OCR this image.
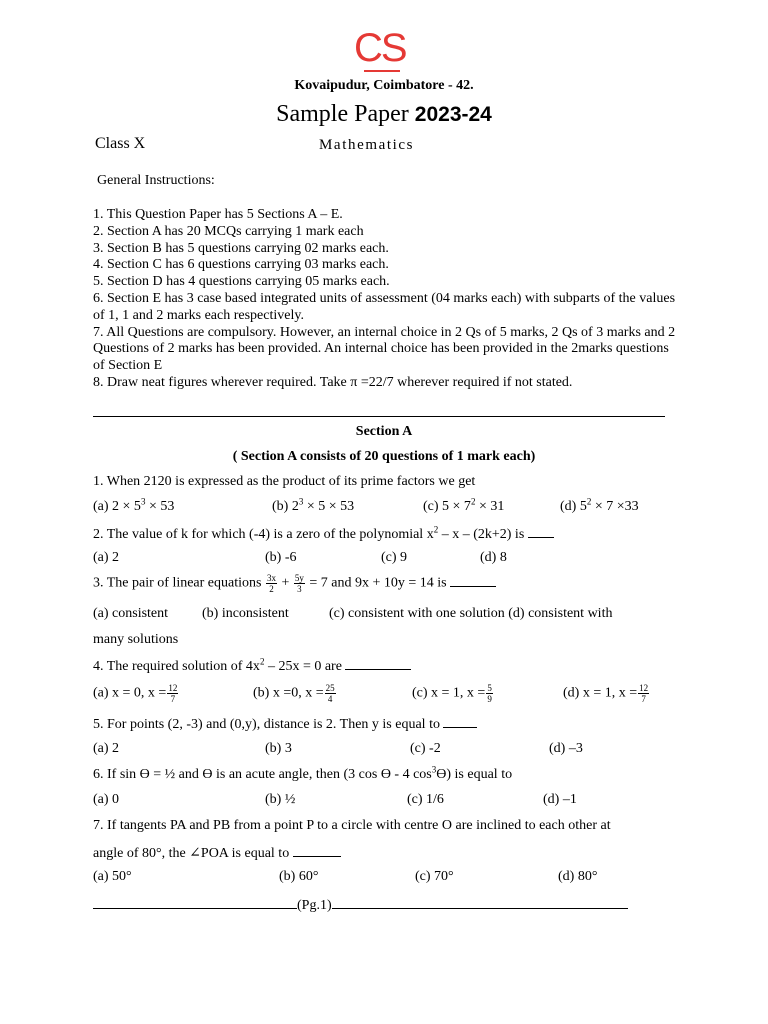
CS
Kovaipudur, Coimbatore - 42.
Sample Paper 2023-24
Class X	Mathematics
General Instructions:
1. This Question Paper has 5 Sections A – E.
2. Section A has 20 MCQs carrying 1 mark each
3. Section B has 5 questions carrying 02 marks each.
4. Section C has 6 questions carrying 03 marks each.
5. Section D has 4 questions carrying 05 marks each.
6. Section E has 3 case based integrated units of assessment (04 marks each) with subparts of the values of 1, 1 and 2 marks each respectively.
7. All Questions are compulsory. However, an internal choice in 2 Qs of 5 marks, 2 Qs of 3 marks and 2 Questions of 2 marks has been provided. An internal choice has been provided in the 2marks questions of Section E
8. Draw neat figures wherever required. Take π =22/7 wherever required if not stated.
Section A
( Section A consists of 20 questions of 1 mark each)
1. When 2120 is expressed as the product of its prime factors we get
(a) $2 \times 5^3 \times 53$	(b) $2^3 \times 5 \times 53$	(c) $5 \times 7^2 \times 31$	(d) $5^2 \times 7 \times 33$
2. The value of k for which (-4) is a zero of the polynomial $x^2 - x - (2k+2)$ is
(a) 2	(b) -6	(c) 9	(d) 8
3. The pair of linear equations $\frac{3x}{2} + \frac{5y}{3} = 7$ and 9x + 10y = 14 is
(a) consistent (b) inconsistent	(c) consistent with one solution (d) consistent with
many solutions
4. The required solution of $4x^2 - 25x = 0$ are
(a) x = 0, $x = \frac{12}{7}$	(b) x =0, $x = \frac{25}{4}$	(c) x = 1, $x = \frac{5}{9}$	(d) x = 1, $x = \frac{12}{7}$
5. For points (2, -3) and (0,y), distance is 2. Then y is equal to
(a) 2	(b) 3	(c) -2	(d) –3
6. If sin ϴ = ½ and ϴ is an acute angle, then (3 cos ϴ - 4 $\cos^3ϴ$) is equal to
(a) 0	(b) ½	(c) 1/6	(d) –1
7. If tangents PA and PB from a point P to a circle with centre O are inclined to each other at
angle of 80°, the ∠POA is equal to
(a) 50°	(b) 60°	(c) 70°	(d) 80°
(Pg.1)
